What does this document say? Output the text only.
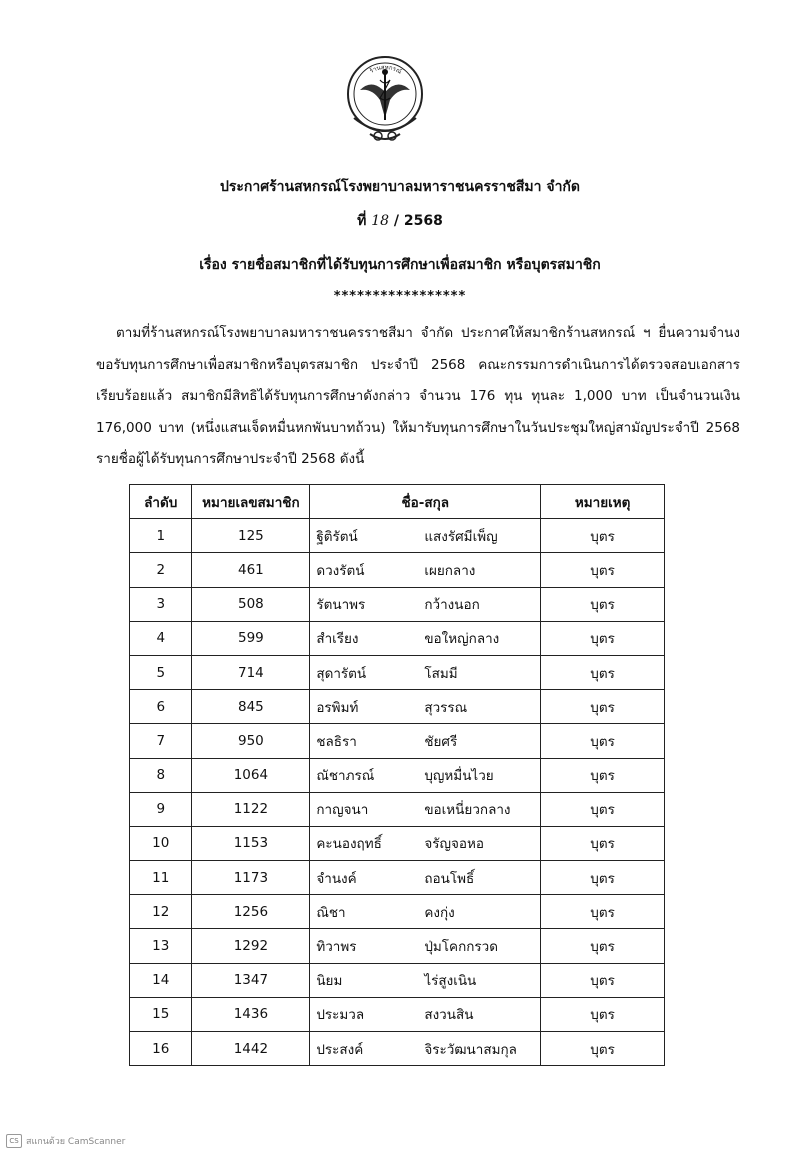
ร้านสหกรณ์
ประกาศร้านสหกรณ์โรงพยาบาลมหาราชนครราชสีมา จำกัด
ที่ 18 / 2568
เรื่อง รายชื่อสมาชิกที่ได้รับทุนการศึกษาเพื่อสมาชิก หรือบุตรสมาชิก
*****************
ตามที่ร้านสหกรณ์โรงพยาบาลมหาราชนครราชสีมา จำกัด ประกาศให้สมาชิกร้านสหกรณ์ ฯ ยื่นความจำนงขอรับทุนการศึกษาเพื่อสมาชิกหรือบุตรสมาชิก ประจำปี 2568 คณะกรรมการดำเนินการได้ตรวจสอบเอกสารเรียบร้อยแล้ว สมาชิกมีสิทธิได้รับทุนการศึกษาดังกล่าว จำนวน 176 ทุน ทุนละ 1,000 บาท เป็นจำนวนเงิน 176,000 บาท (หนึ่งแสนเจ็ดหมื่นหกพันบาทถ้วน) ให้มารับทุนการศึกษาในวันประชุมใหญ่สามัญประจำปี 2568 รายชื่อผู้ได้รับทุนการศึกษาประจำปี 2568 ดังนี้
ลำดับ	หมายเลขสมาชิก	ชื่อ-สกุล	หมายเหตุ
1	125	ฐิติรัตน์ แสงรัศมีเพ็ญ	บุตร
2	461	ดวงรัตน์ เผยกลาง	บุตร
3	508	รัตนาพร กว้างนอก	บุตร
4	599	สำเรียง ขอใหญ่กลาง	บุตร
5	714	สุดารัตน์ โสมมี	บุตร
6	845	อรพิมท์ สุวรรณ	บุตร
7	950	ชลธิรา ชัยศรี	บุตร
8	1064	ณัชาภรณ์ บุญหมื่นไวย	บุตร
9	1122	กาญจนา ขอเหนี่ยวกลาง	บุตร
10	1153	คะนองฤทธิ์ จรัญจอหอ	บุตร
11	1173	จำนงค์ ถอนโพธิ์	บุตร
12	1256	ณิชา คงกุ่ง	บุตร
13	1292	ทิวาพร ปุ่มโคกกรวด	บุตร
14	1347	นิยม ไร่สูงเนิน	บุตร
15	1436	ประมวล สงวนสิน	บุตร
16	1442	ประสงค์ จิระวัฒนาสมกุล	บุตร
CS สแกนด้วย CamScanner
